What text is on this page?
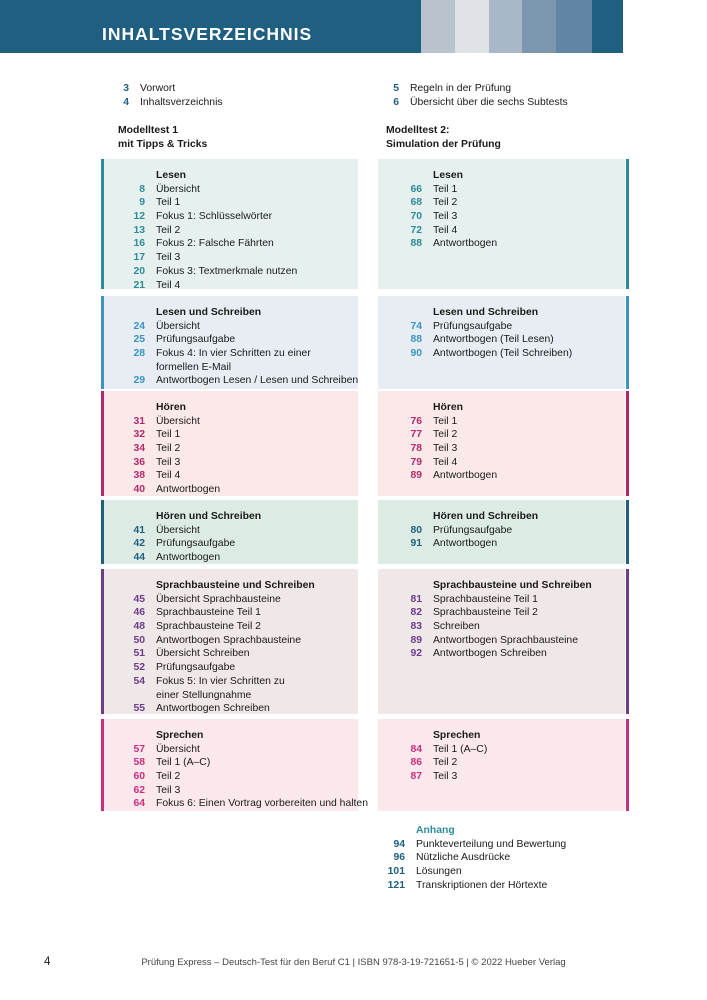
INHALTSVERZEICHNIS
3 Vorwort
4 Inhaltsverzeichnis
5 Regeln in der Prüfung
6 Übersicht über die sechs Subtests
Modelltest 1
mit Tipps & Tricks
Modelltest 2:
Simulation der Prüfung
Lesen
8 Übersicht
9 Teil 1
12 Fokus 1: Schlüsselwörter
13 Teil 2
16 Fokus 2: Falsche Fährten
17 Teil 3
20 Fokus 3: Textmerkmale nutzen
21 Teil 4
Lesen
66 Teil 1
68 Teil 2
70 Teil 3
72 Teil 4
88 Antwortbogen
Lesen und Schreiben
24 Übersicht
25 Prüfungsaufgabe
28 Fokus 4: In vier Schritten zu einer
formellen E-Mail
29 Antwortbogen Lesen / Lesen und Schreiben
Lesen und Schreiben
74 Prüfungsaufgabe
88 Antwortbogen (Teil Lesen)
90 Antwortbogen (Teil Schreiben)
Hören
31 Übersicht
32 Teil 1
34 Teil 2
36 Teil 3
38 Teil 4
40 Antwortbogen
Hören
76 Teil 1
77 Teil 2
78 Teil 3
79 Teil 4
89 Antwortbogen
Hören und Schreiben
41 Übersicht
42 Prüfungsaufgabe
44 Antwortbogen
Hören und Schreiben
80 Prüfungsaufgabe
91 Antwortbogen
Sprachbausteine und Schreiben
45 Übersicht Sprachbausteine
46 Sprachbausteine Teil 1
48 Sprachbausteine Teil 2
50 Antwortbogen Sprachbausteine
51 Übersicht Schreiben
52 Prüfungsaufgabe
54 Fokus 5: In vier Schritten zu
einer Stellungnahme
55 Antwortbogen Schreiben
Sprachbausteine und Schreiben
81 Sprachbausteine Teil 1
82 Sprachbausteine Teil 2
83 Schreiben
89 Antwortbogen Sprachbausteine
92 Antwortbogen Schreiben
Sprechen
57 Übersicht
58 Teil 1 (A–C)
60 Teil 2
62 Teil 3
64 Fokus 6: Einen Vortrag vorbereiten und halten
Sprechen
84 Teil 1 (A–C)
86 Teil 2
87 Teil 3
Anhang
94 Punkteverteilung und Bewertung
96 Nützliche Ausdrücke
101 Lösungen
121 Transkriptionen der Hörtexte
4	Prüfung Express – Deutsch-Test für den Beruf C1 | ISBN 978-3-19-721651-5 | © 2022 Hueber Verlag
